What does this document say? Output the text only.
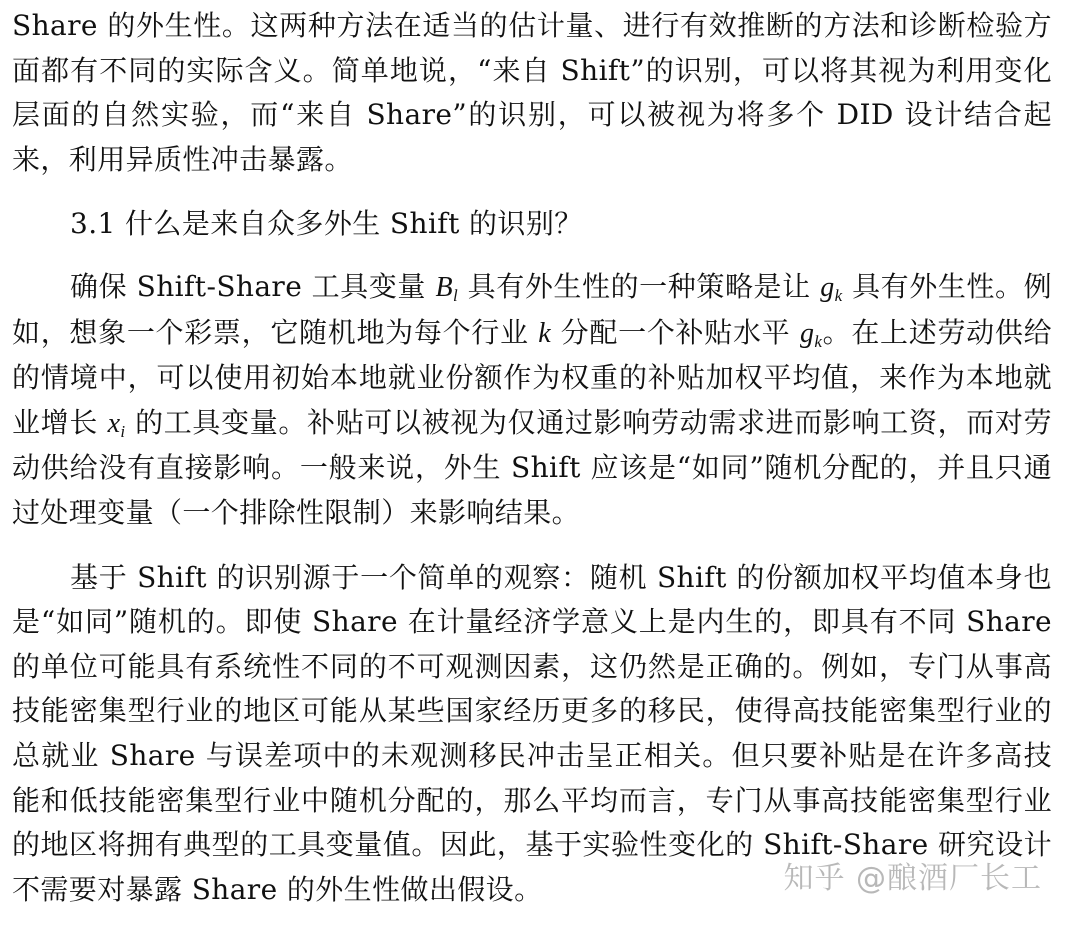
Share 的外生性。这两种方法在适当的估计量、进行有效推断的方法和诊断检验方面都有不同的实际含义。简单地说，“来自 Shift”的识别，可以将其视为利用变化层面的自然实验，而“来自 Share”的识别，可以被视为将多个 DID 设计结合起来，利用异质性冲击暴露。

3.1 什么是来自众多外生 Shift 的识别？

确保 Shift-Share 工具变量 $B_l$ 具有外生性的一种策略是让 $g_k$ 具有外生性。例如，想象一个彩票，它随机地为每个行业 k 分配一个补贴水平 $g_k$。在上述劳动供给的情境中，可以使用初始本地就业份额作为权重的补贴加权平均值，来作为本地就业增长 $x_i$ 的工具变量。补贴可以被视为仅通过影响劳动需求进而影响工资，而对劳动供给没有直接影响。一般来说，外生 Shift 应该是“如同”随机分配的，并且只通过处理变量（一个排除性限制）来影响结果。

基于 Shift 的识别源于一个简单的观察：随机 Shift 的份额加权平均值本身也是“如同”随机的。即使 Share 在计量经济学意义上是内生的，即具有不同 Share 的单位可能具有系统性不同的不可观测因素，这仍然是正确的。例如，专门从事高技能密集型行业的地区可能从某些国家经历更多的移民，使得高技能密集型行业的总就业 Share 与误差项中的未观测移民冲击呈正相关。但只要补贴是在许多高技能和低技能密集型行业中随机分配的，那么平均而言，专门从事高技能密集型行业的地区将拥有典型的工具变量值。因此，基于实验性变化的 Shift-Share 研究设计不需要对暴露 Share 的外生性做出假设。	知乎 @酿酒厂长工
